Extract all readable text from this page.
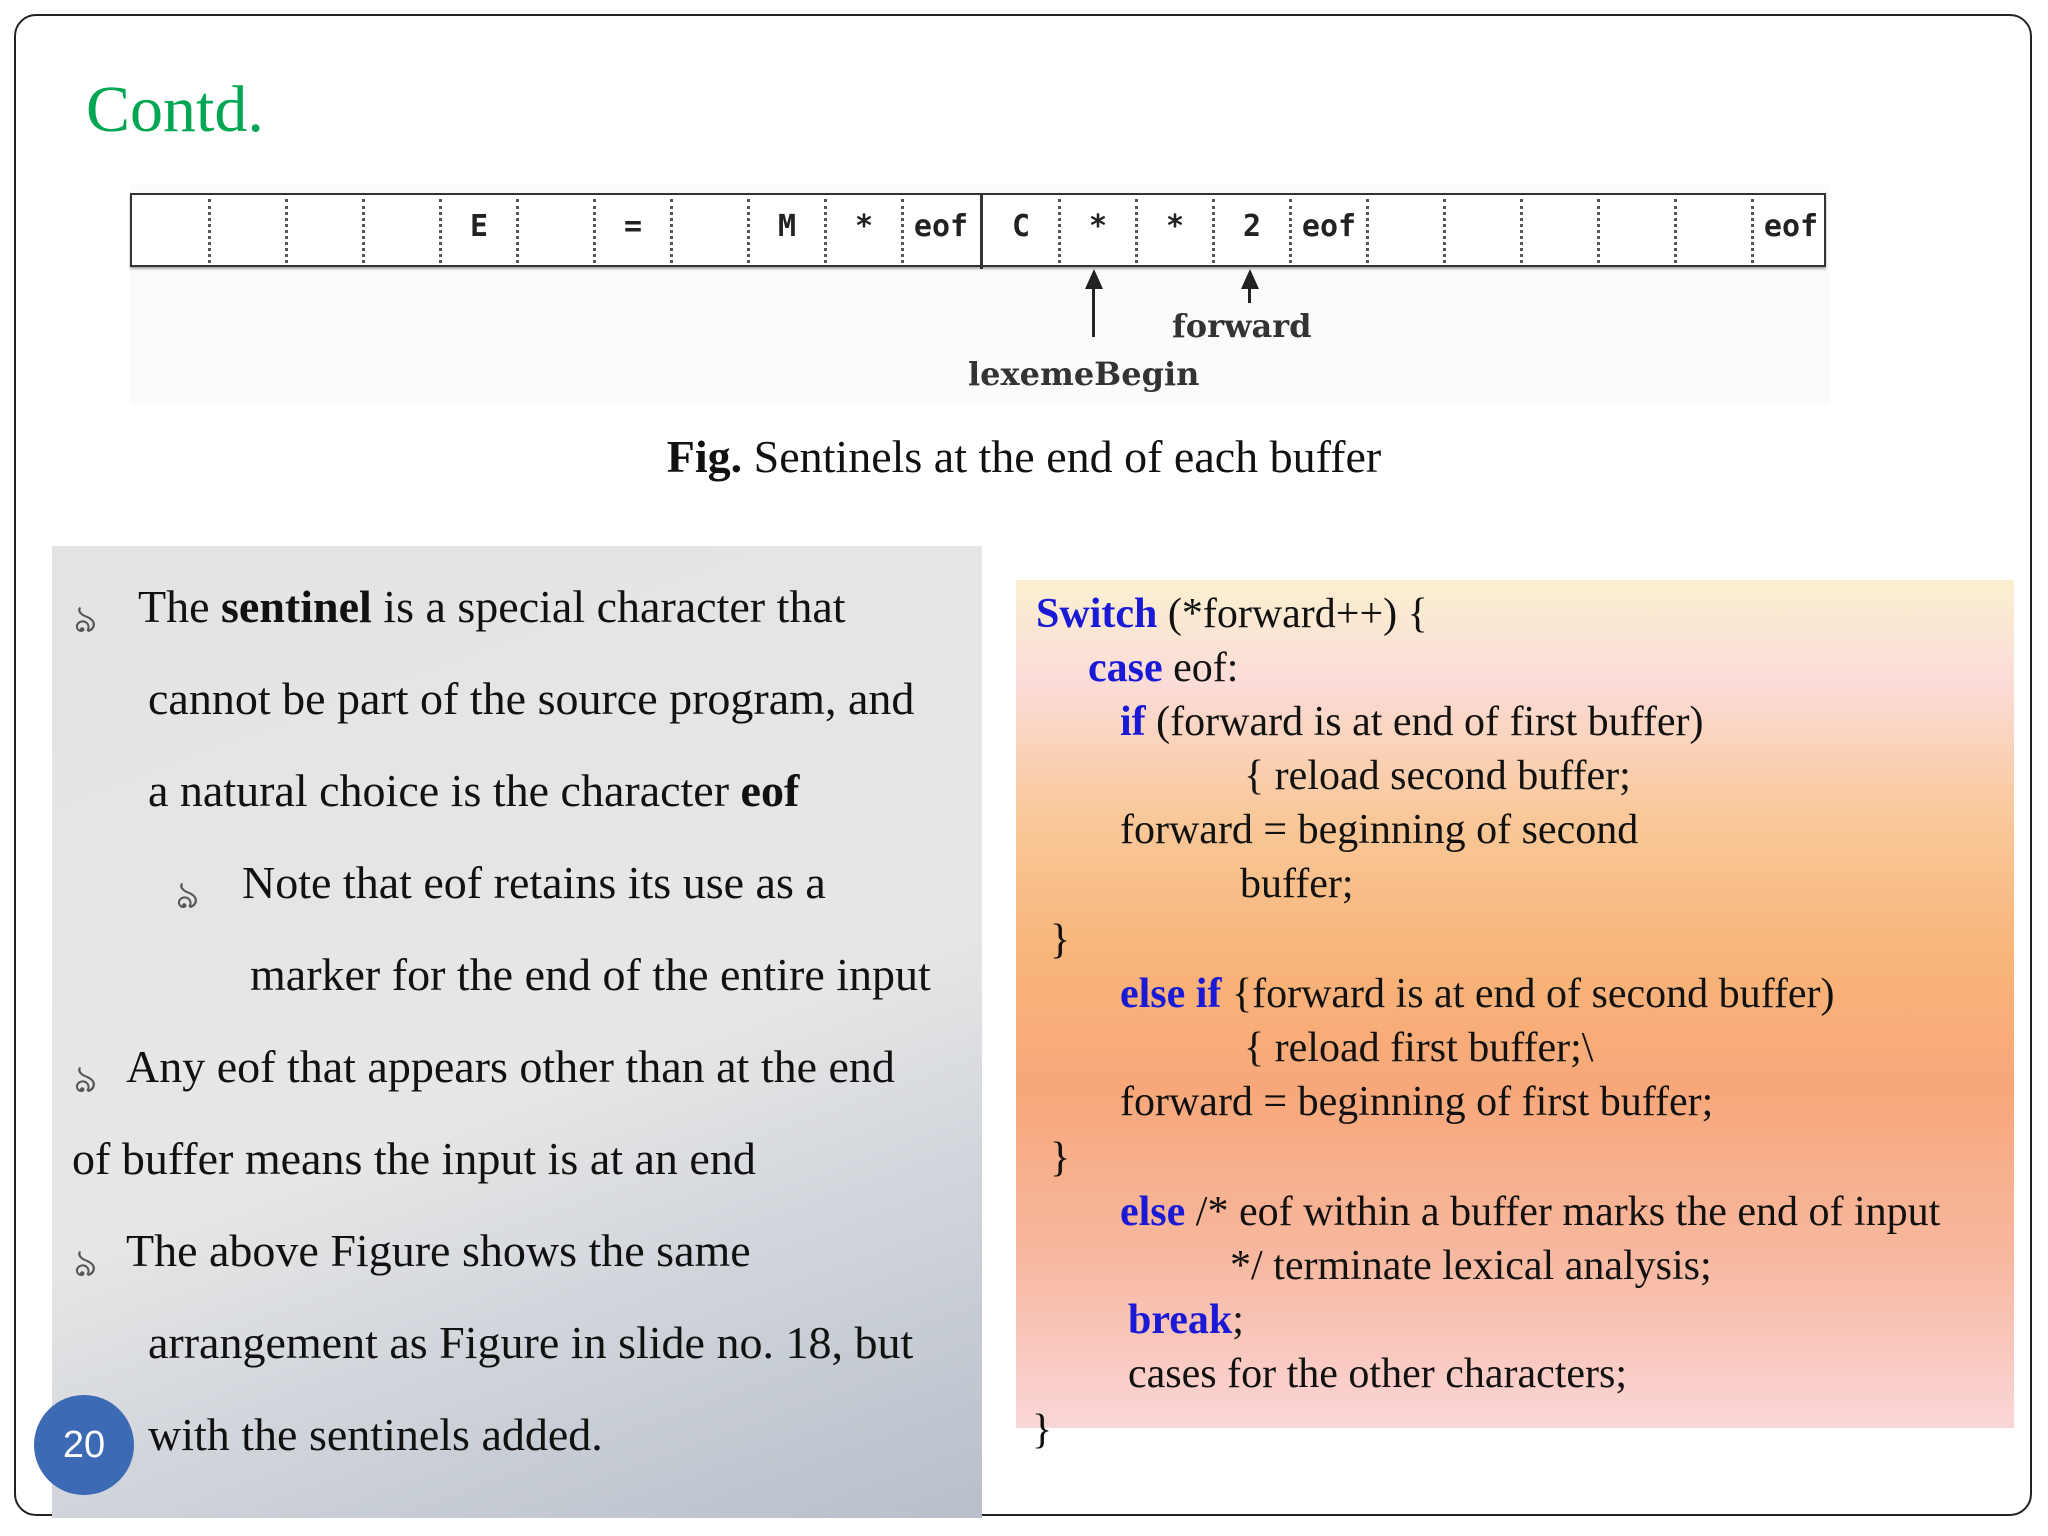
Contd.
E	=	M	*	eof	C	*	*	2	eof	eof
lexemeBegin
forward
Fig. Sentinels at the end of each buffer
ঌ The sentinel is a special character that
cannot be part of the source program, and
a natural choice is the character eof
ঌ Note that eof retains its use as a
marker for the end of the entire input
ঌ Any eof that appears other than at the end
of buffer means the input is at an end
ঌ The above Figure shows the same
arrangement as Figure in slide no. 18, but
with the sentinels added.
20
Switch (*forward++) {
case eof:
if (forward is at end of first buffer)
{ reload second buffer;
forward = beginning of second
buffer;
}
else if {forward is at end of second buffer)
{ reload first buffer;\
forward = beginning of first buffer;
}
else /* eof within a buffer marks the end of input
*/ terminate lexical analysis;
break;
cases for the other characters;
}
